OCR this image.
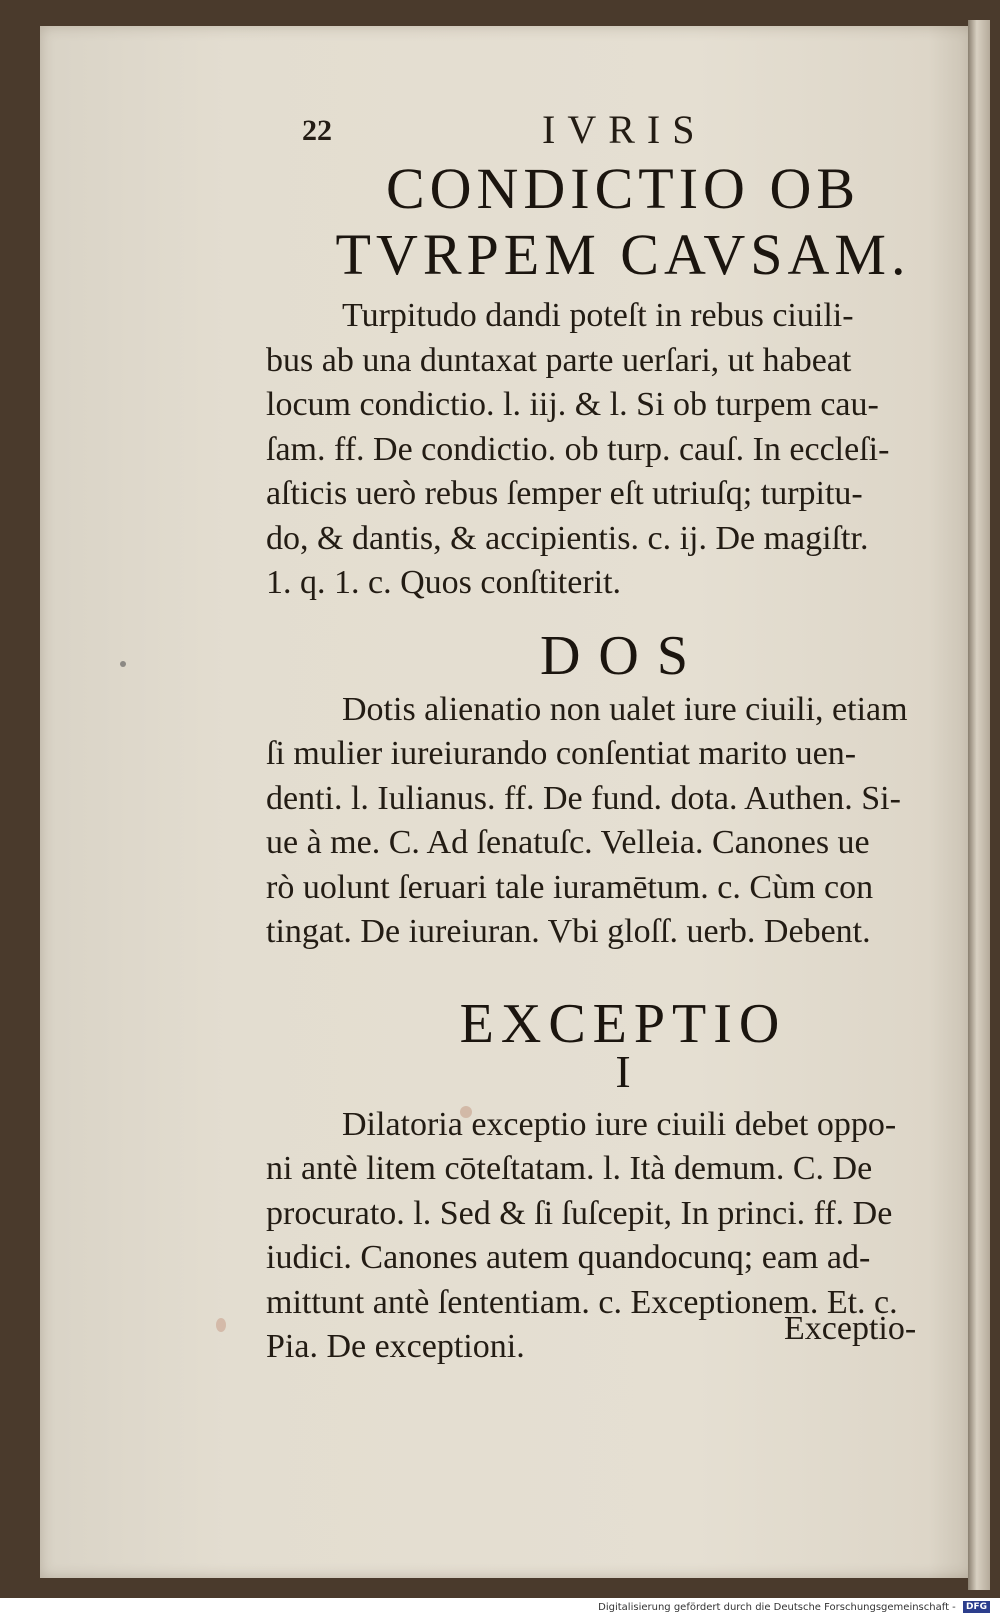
22	IVRIS
CONDICTIO OB
TVRPEM CAVSAM.

Turpitudo dandi poteſt in rebus ciuili-
bus ab una duntaxat parte uerſari, ut habeat
locum condictio. l. iij. & l. Si ob turpem cau-
ſam. ff. De condictio. ob turp. cauſ. In eccleſi-
aſticis uerò rebus ſemper eſt utriuſq; turpitu-
do, & dantis, & accipientis. c. ij. De magiſtr.
1. q. 1. c. Quos conſtiterit.

DOS

Dotis alienatio non ualet iure ciuili, etiam
ſi mulier iureiurando conſentiat marito uen-
denti. l. Iulianus. ff. De fund. dota. Authen. Si-
ue à me. C. Ad ſenatuſc. Velleia. Canones ue
rò uolunt ſeruari tale iuramētum. c. Cùm con
tingat. De iureiuran. Vbi gloſſ. uerb. Debent.

EXCEPTIO
I

Dilatoria exceptio iure ciuili debet oppo-
ni antè litem cōteſtatam. l. Ità demum. C. De
procurato. l. Sed & ſi ſuſcepit, In princi. ff. De
iudici. Canones autem quandocunq; eam ad-
mittunt antè ſententiam. c. Exceptionem. Et. c.
Pia. De exceptioni.	Exceptio-
Digitalisierung gefördert durch die Deutsche Forschungsgemeinschaft - DFG
